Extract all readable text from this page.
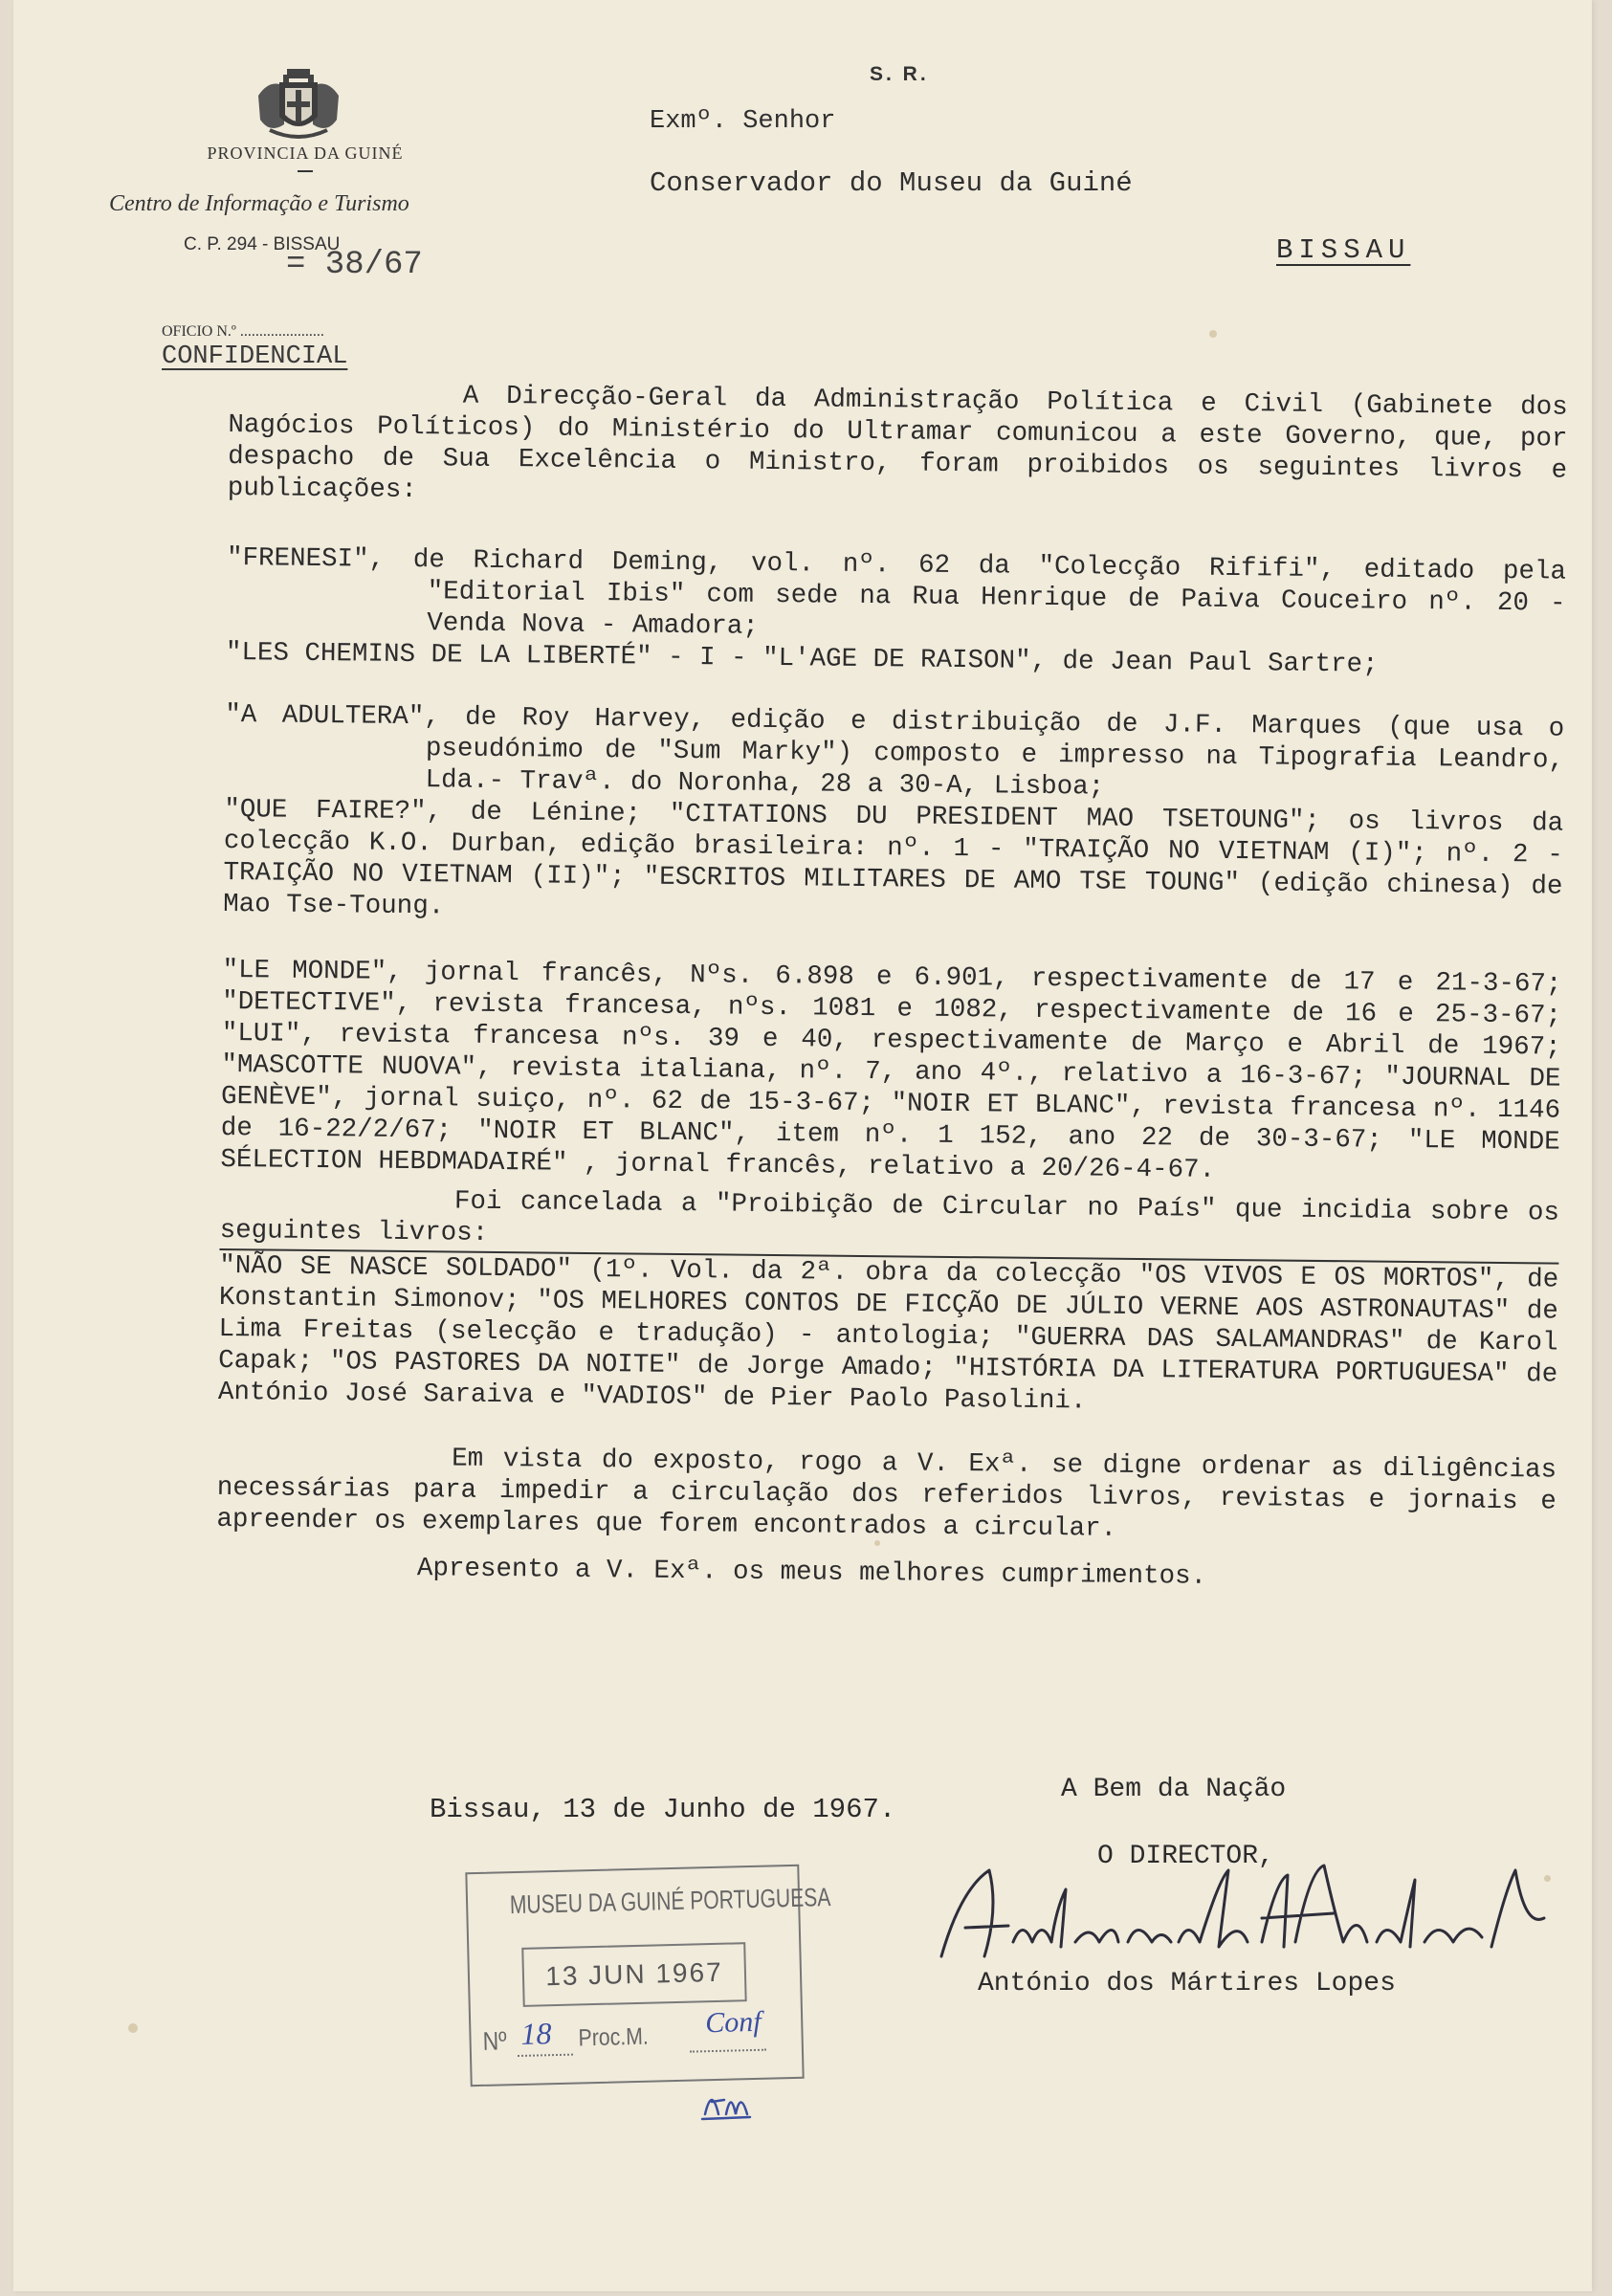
PROVINCIA DA GUINÉ
Centro de Informação e Turismo
C. P. 294 - BISSAU
= 38/67
OFICIO N.º ......................
CONFIDENCIAL
S. R.
Exmº. Senhor
Conservador do Museu da Guiné
BISSAU

A Direcção-Geral da Administração Política e Civil (Gabinete dos Nagócios Políticos) do Ministério do Ultramar comunicou a este Governo, que, por despacho de Sua Excelência o Ministro, foram proibidos os seguintes livros e publicações:

"FRENESI", de Richard Deming, vol. nº. 62 da "Colecção Rififi", editado pela "Editorial Ibis" com sede na Rua Henrique de Paiva Couceiro nº. 20 - Venda Nova - Amadora;

"LES CHEMINS DE LA LIBERTÉ" - I - "L'AGE DE RAISON", de Jean Paul Sartre;

"A ADULTERA", de Roy Harvey, edição e distribuição de J.F. Marques (que usa o pseudónimo de "Sum Marky") composto e impresso na Tipografia Leandro, Lda.- Travª. do Noronha, 28 a 30-A, Lisboa;

"QUE FAIRE?", de Lénine; "CITATIONS DU PRESIDENT MAO TSETOUNG"; os livros da colecção K.O. Durban, edição brasileira: nº. 1 - "TRAIÇÃO NO VIETNAM (I)"; nº. 2 - TRAIÇÃO NO VIETNAM (II)"; "ESCRITOS MILITARES DE AMO TSE TOUNG" (edição chinesa) de Mao Tse-Toung.

"LE MONDE", jornal francês, Nºs. 6.898 e 6.901, respectivamente de 17 e 21-3-67; "DETECTIVE", revista francesa, nºs. 1081 e 1082, respectivamente de 16 e 25-3-67; "LUI", revista francesa nºs. 39 e 40, respectivamente de Março e Abril de 1967; "MASCOTTE NUOVA", revista italiana, nº. 7, ano 4º., relativo a 16-3-67; "JOURNAL DE GENÈVE", jornal suiço, nº. 62 de 15-3-67; "NOIR ET BLANC", revista francesa nº. 1146 de 16-22/2/67; "NOIR ET BLANC", item nº. 1 152, ano 22 de 30-3-67; "LE MONDE SÉLECTION HEBDMADAIRÉ" , jornal francês, relativo a 20/26-4-67.

Foi cancelada a "Proibição de Circular no País" que incidia sobre os seguintes livros:

"NÃO SE NASCE SOLDADO" (1º. Vol. da 2ª. obra da colecção "OS VIVOS E OS MORTOS", de Konstantin Simonov; "OS MELHORES CONTOS DE FICÇÃO DE JÚLIO VERNE AOS ASTRONAUTAS" de Lima Freitas (selecção e tradução) - antologia; "GUERRA DAS SALAMANDRAS" de Karol Capak; "OS PASTORES DA NOITE" de Jorge Amado; "HISTÓRIA DA LITERATURA PORTUGUESA" de António José Saraiva e "VADIOS" de Pier Paolo Pasolini.

Em vista do exposto, rogo a V. Exª. se digne ordenar as diligências necessárias para impedir a circulação dos referidos livros, revistas e jornais e apreender os exemplares que forem encontrados a circular.

Apresento a V. Exª. os meus melhores cumprimentos.

Bissau, 13 de Junho de 1967.
A Bem da Nação
O DIRECTOR,
António dos Mártires Lopes
MUSEU DA GUINÉ PORTUGUESA
13 JUN 1967
Nº 18 Proc.M. Conf
